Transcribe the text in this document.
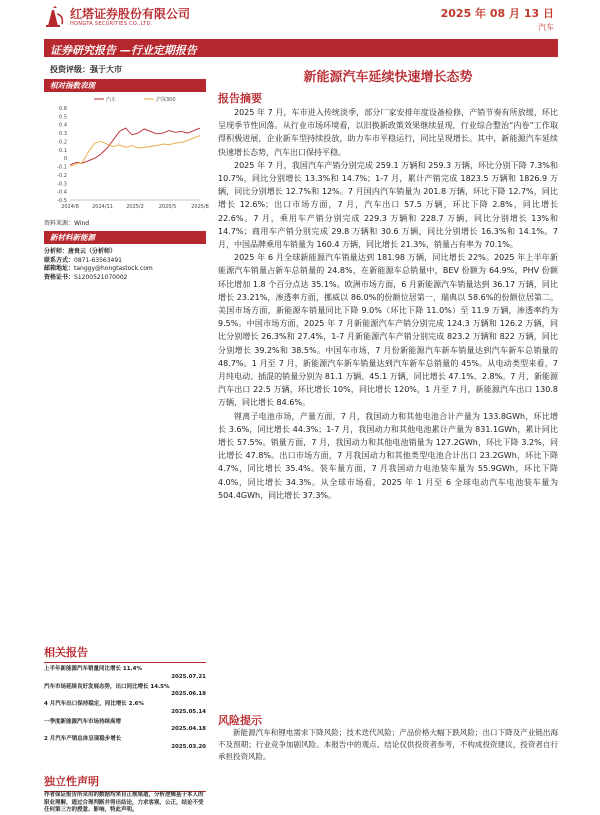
红塔证券股份有限公司
HONGTA SECURITIES CO.,LTD.
2025 年 08 月 13 日
汽车
证券研究报告 —行业定期报告
投资评级：强于大市
相对指数表现
0.6
0.5
0.4
0.3
0.2
0.1
0
-0.1
-0.2
-0.3
-0.4
-0.5
2024/8	2024/11	2025/2	2025/5	2025/8
汽车	沪深300
资料来源：Wind
新材料新能源
分析师：唐贵云（分析师）
联系方式：0871-63563491
邮箱地址：tanggy@hongtastock.com
资格证书：S1200521070002
相关报告
上半年新能源汽车销量同比增长 11.4%
2025.07.21
汽车市场延续良好发展态势，出口同比增长 14.5%
2025.06.18
4 月汽车出口保持稳定，同比增长 2.6%
2025.05.14
一季度新能源汽车市场持续高增
2025.04.18
2 月汽车产销总体呈现稳步增长
2025.03.20
独立性声明
作者保证报告所采用的数据均来自正规渠道，分析逻辑基于本人的职业理解，通过合理判断并得出结论，力求客观、公正，结论不受任何第三方的授意、影响，特此声明。
新能源汽车延续快速增长态势
报告摘要

2025 年 7 月，车市进入传统淡季，部分厂家安排年度设备检修，产销节奏有所放缓，环比呈现季节性回落。从行业市场环境看，以旧换新政策效果继续显现，行业综合整治“内卷”工作取得积极进展，企业新车型持续投放，助力车市平稳运行，同比呈现增长。其中，新能源汽车延续快速增长态势，汽车出口保持平稳。

2025 年 7 月，我国汽车产销分别完成 259.1 万辆和 259.3 万辆，环比分别下降 7.3%和 10.7%，同比分别增长 13.3%和 14.7%；1-7 月，累计产销完成 1823.5 万辆和 1826.9 万辆，同比分别增长 12.7%和 12%。7 月国内汽车销量为 201.8 万辆，环比下降 12.7%，同比增长 12.6%；出口市场方面，7 月，汽车出口 57.5 万辆，环比下降 2.8%，同比增长 22.6%。7 月，乘用车产销分别完成 229.3 万辆和 228.7 万辆，同比分别增长 13%和 14.7%；商用车产销分别完成 29.8 万辆和 30.6 万辆，同比分别增长 16.3%和 14.1%。7 月，中国品牌乘用车销量为 160.4 万辆，同比增长 21.3%，销量占有率为 70.1%。

2025 年 6 月全球新能源汽车销量达到 181.98 万辆，同比增长 22%。2025 年上半年新能源汽车销量占新车总销量的 24.8%，在新能源车总销量中，BEV 份额为 64.9%，PHV 份额环比增加 1.8 个百分点达 35.1%。欧洲市场方面，6 月新能源汽车销量达到 36.17 万辆，同比增长 23.21%，渗透率方面，挪威以 86.0%的份额位居第一，瑞典以 58.6%的份额位居第二。美国市场方面，新能源车销量同比下降 9.0%（环比下降 11.0%）至 11.9 万辆，渗透率约为 9.5%。中国市场方面，2025 年 7 月新能源汽车产销分别完成 124.3 万辆和 126.2 万辆，同比分别增长 26.3%和 27.4%，1-7 月新能源汽车产销分别完成 823.2 万辆和 822 万辆，同比分别增长 39.2%和 38.5%。中国车市场，7 月份新能源汽车新车销量达到汽车新车总销量的 48.7%。1 月至 7 月，新能源汽车新车销量达到汽车新车总销量的 45%。从电动类型来看，7 月纯电动、插混的销量分别为 81.1 万辆、45.1 万辆，同比增长 47.1%、2.8%。7 月，新能源汽车出口 22.5 万辆，环比增长 10%，同比增长 120%，1 月至 7 月，新能源汽车出口 130.8 万辆，同比增长 84.6%。

锂离子电池市场，产量方面，7 月，我国动力和其他电池合计产量为 133.8GWh，环比增长 3.6%，同比增长 44.3%；1-7 月，我国动力和其他电池累计产量为 831.1GWh，累计同比增长 57.5%。销量方面，7 月，我国动力和其他电池销量为 127.2GWh，环比下降 3.2%，同比增长 47.8%。出口市场方面，7 月我国动力和其他类型电池合计出口 23.2GWh，环比下降 4.7%，同比增长 35.4%。装车量方面，7 月我国动力电池装车量为 55.9GWh，环比下降 4.0%，同比增长 34.3%。从全球市场看，2025 年 1 月至 6 全球电动汽车电池装车量为 504.4GWh，同比增长 37.3%。

风险提示
新能源汽车和锂电需求下降风险；技术迭代风险；产品价格大幅下跌风险；出口下降及产业链出海不及预期；行业竞争加剧风险。本报告中的观点、结论仅供投资者参考，不构成投资建议，投资者自行承担投资风险。
